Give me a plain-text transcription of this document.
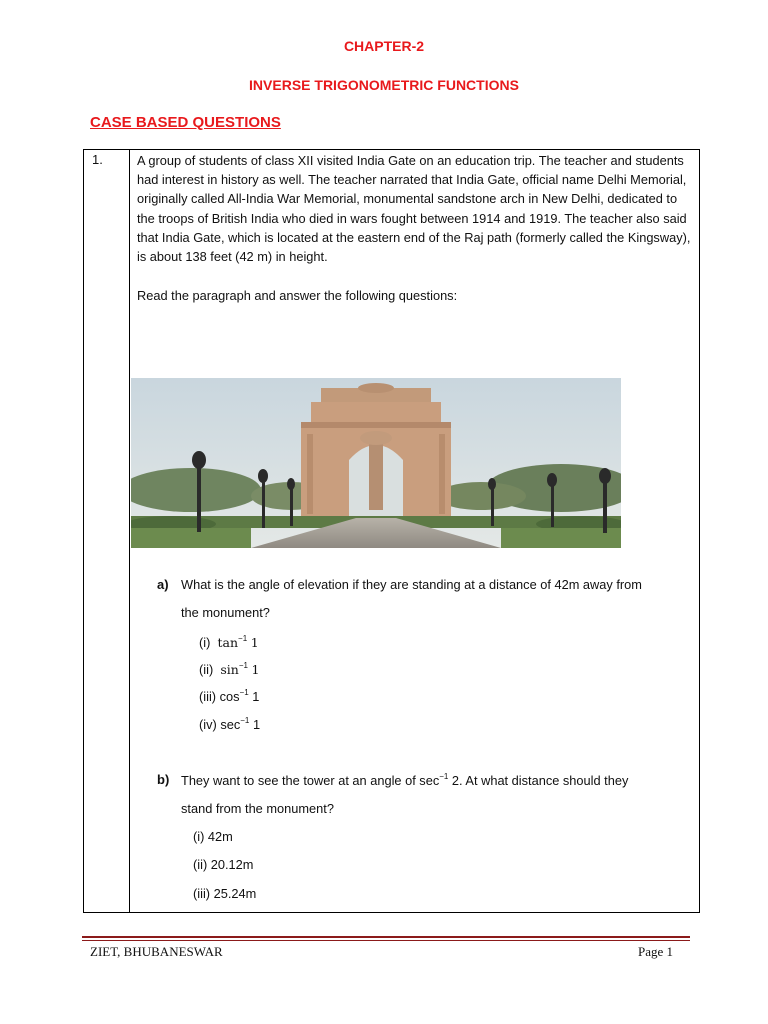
CHAPTER-2
INVERSE TRIGONOMETRIC FUNCTIONS
CASE BASED QUESTIONS
1.	A group of students of class XII visited India Gate on an education trip. The teacher and students had interest in history as well. The teacher narrated that India Gate, official name Delhi Memorial, originally called All-India War Memorial, monumental sandstone arch in New Delhi, dedicated to the troops of British India who died in wars fought between 1914 and 1919. The teacher also said that India Gate, which is located at the eastern end of the Raj path (formerly called the Kingsway), is about 138 feet (42 m) in height.
Read the paragraph and answer the following questions:
a) What is the angle of elevation if they are standing at a distance of 42m away from
the monument?
(i) $\tan^{-1} 1$
(ii) $\sin^{-1} 1$
(iii) $\cos^{-1} 1$
(iv) $\sec^{-1} 1$
b) They want to see the tower at an angle of $\sec^{-1} 2$. At what distance should they
stand from the monument?
(i) 42m
(ii) 20.12m
(iii) 25.24m
ZIET, BHUBANESWAR	Page 1
